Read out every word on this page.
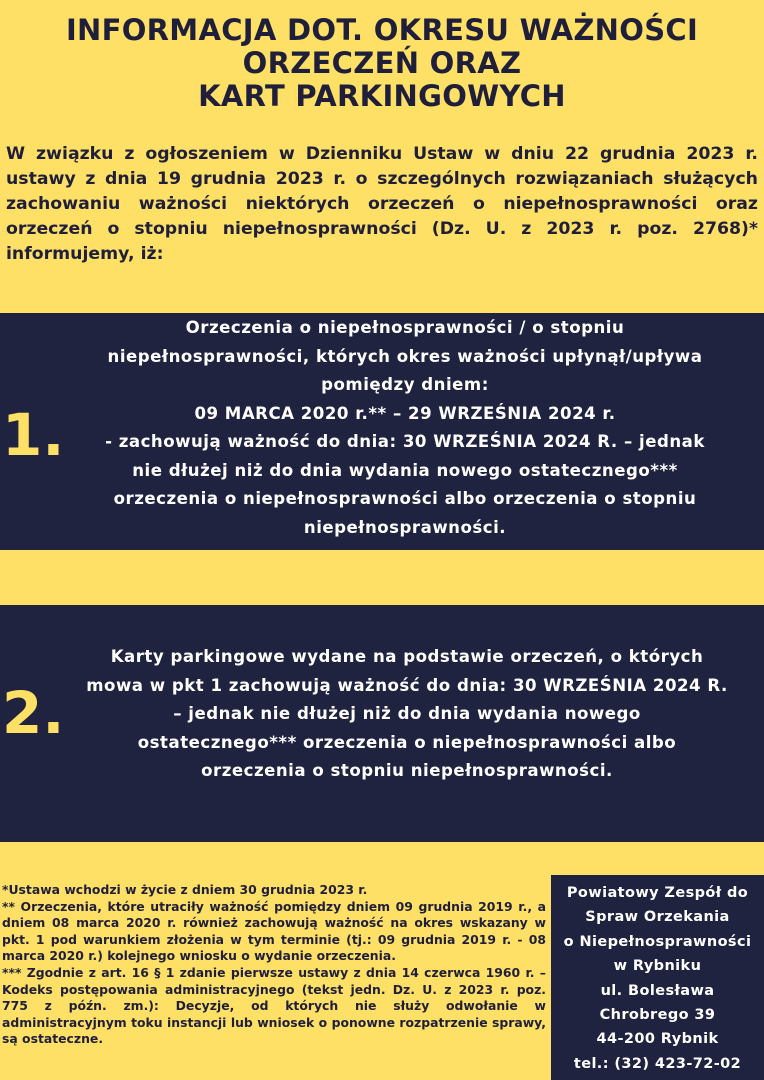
INFORMACJA DOT. OKRESU WAŻNOŚCI
ORZECZEŃ ORAZ
KART PARKINGOWYCH
W związku z ogłoszeniem w Dzienniku Ustaw w dniu 22 grudnia 2023 r. ustawy z dnia 19 grudnia 2023 r. o szczególnych rozwiązaniach służących zachowaniu ważności niektórych orzeczeń o niepełnosprawności oraz orzeczeń o stopniu niepełnosprawności (Dz. U. z 2023 r. poz. 2768)* informujemy, iż:
1.
Orzeczenia o niepełnosprawności / o stopniu
niepełnosprawności, których okres ważności upłynął/upływa
pomiędzy dniem:
09 MARCA 2020 r.** – 29 WRZEŚNIA 2024 r.
- zachowują ważność do dnia: 30 WRZEŚNIA 2024 R. – jednak
nie dłużej niż do dnia wydania nowego ostatecznego***
orzeczenia o niepełnosprawności albo orzeczenia o stopniu
niepełnosprawności.
2.
Karty parkingowe wydane na podstawie orzeczeń, o których
mowa w pkt 1 zachowują ważność do dnia: 30 WRZEŚNIA 2024 R.
– jednak nie dłużej niż do dnia wydania nowego
ostatecznego*** orzeczenia o niepełnosprawności albo
orzeczenia o stopniu niepełnosprawności.
*Ustawa wchodzi w życie z dniem 30 grudnia 2023 r.
** Orzeczenia, które utraciły ważność pomiędzy dniem 09 grudnia 2019 r., a dniem 08 marca 2020 r. również zachowują ważność na okres wskazany w pkt. 1 pod warunkiem złożenia w tym terminie (tj.: 09 grudnia 2019 r. - 08 marca 2020 r.) kolejnego wniosku o wydanie orzeczenia.
*** Zgodnie z art. 16 § 1 zdanie pierwsze ustawy z dnia 14 czerwca 1960 r. – Kodeks postępowania administracyjnego (tekst jedn. Dz. U. z 2023 r. poz. 775 z późn. zm.): Decyzje, od których nie służy odwołanie w administracyjnym toku instancji lub wniosek o ponowne rozpatrzenie sprawy, są ostateczne.
Powiatowy Zespół do
Spraw Orzekania
o Niepełnosprawności
w Rybniku
ul. Bolesława
Chrobrego 39
44-200 Rybnik
tel.: (32) 423-72-02
